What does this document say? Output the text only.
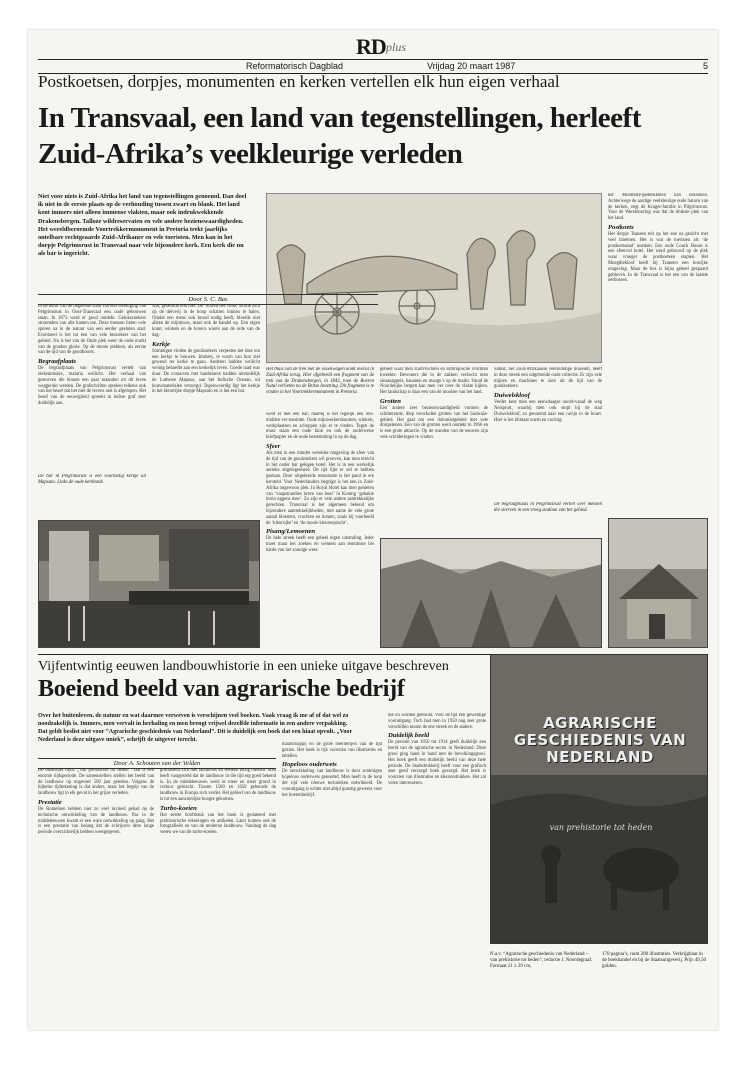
RD plus
Reformatorisch Dagblad	Vrijdag 20 maart 1987	5
Postkoetsen, dorpjes, monumenten en kerken vertellen elk hun eigen verhaal
In Transvaal, een land van tegenstellingen, herleeft Zuid-Afrika’s veelkleurige verleden
Niet voor niets is Zuid-Afrika het land van tegenstellingen genoemd. Dan doel ik niet in de eerste plaats op de verhouding tussen zwart en blank. Het land kent immers niet alleen immense vlakten, maar ook indrukwekkende Drakensbergen. Talloze wildreservaten en vele andere bezienswaardigheden. Het wereldberoemde Voortrekkermonument in Pretoria trekt jaarlijks ontelbare rechtgeaarde Zuid-Afrikaner en vele toeristen. Men kan in het dorpje Pelgrimsrust in Transvaal naar vele bijzondere kerk. Een kerk die nu als bar is ingericht.
Door S. C. Bas
In de buurt van de begeleide staat van een vereniging van Pelgrimsrust in Oost-Transvaal een oude gebouwen staan. In 1873 werd er goud ontdekt. Gelukszoekers stroomden van alle kanten toe. Deze mensen lieten vele sporen na in de natuur van een eerder gesloten stad. Eventueel is het tot een van vele bezoekers van het gebied. Nu is het van de Oude plek weer de oude markt van de gouden glorie. Op de mooie plekken, als eerste van de tijd van de goudkoorts.
Begraafplaats
De begraafplaats van Pelgrimsrust vertelt van ziekenmisère, malaria wellicht. Het verhaal van gestorven die binnen een paar maanden uit dit leven weggerukt werden. De grafschriften spreken telkens ook van het besef dat het met de levens niet is afgelopen. Het besef van de eeuwigheid spreekt in iedere graf zeer duidelijk aan.
De bar in Pelgrimsrust is een voormalig kerkje uit Mapsuto. Links de oude kerkbank.
was, gebeurde ook hier. De ‘hoffen des volks’ stortte zich op de delverij in de hoop schatten binnen te halen. Omdat een mens ook brood nodig heeft, bloeide niet alleen de mijnbouw, maar ook de handel op. Een eigen krant, winkels en de horeca waren aan de orde van de dag.
Kerkje
Sommigen vinden de goudzoekers verpesten het idee om een kerkje te bouwen. Immers, te warm van hun ziel gewend ter kerke te gaan. Anderen hadden wellicht weinig behoefte aan een kerkelijk leven. Goede raad was duur. De contacten met handelaren hadden uiteindelijk de Lutherse Mapuso, aan het Indische Oceaan, uit bouwmaterialen verzorgd. Tegenwoordig ligt het kerkje in het kleurrijke dorpje Mapsuto en is het een bar.
Het thuis van de trek met de ossenwagen komt overal in Zuid-Afrika terug. Hier afgebeeld een fragment van de trek van de Drakensbergen, in 1843, toen de Boeren Natal verlieten na de Britse bezetting. Dit fragment is te vinden in het Voortrekkermonument in Pretoria.
werd er met een bar; daarbij is het regelijk een reis-midden ver tenslotte. Oude mijnwerkersbuurten, winkels, werkplaatsen en schoppen zijn er te vinden. Tegen de muur staan een oude klok en ook de ouderwetse briefpapier en de oude bestemming in op de dag.
Sfeer
Als men in een minder wereldse omgeving de sfeer van de tijd van de goudzoekers wil proeven, kan men terecht in het ouder bar gelegen hotel. Het is in een werkelijk antieke zitgelegenheid. De tijd lijkt er stil te hebben gestaan. Door uitgebreide restauratie is het pand in ere hersteld. Voor Nederlanders begrijpt is het een in Zuid-Afrika ongewoon plek. In Royal Hotel kan men genieten van ‘vaapstrandies breve van boer’ in Koning ‘gebakte bruin eggens mee’. Zo zijn er vele andere aantrekkelijke gerechten. Transvaal is het algemeen bekend om bijzondere aantrekkelijkheden, met name de vele grote aantal bloemen, vruchten en bomen, zoals bij voorbeeld de ‘kleurrijke’ en ‘de mooie kleurenpracht’.
Pisang/Lemoenen
De hele streek heeft een geheel eigen uitstraling. Ieder moet maar het zoeken en wennen aan tenminste het harde van het zonnige weer.
gebied waar men zuidvruchten en subtropische vruchten kweekte. Bewoners die in de zakken verkocht men sinaasappels, bananen en mango’s op de markt. Vanaf de Noordelijke bergen kan men ver over de vlakte kijken. Het landschap is daar een van de mooiste van het land.
Grotten
Een andere zeer bezienswaardigheid vormen de schitterende, diep verscholen grotten van het Sudwala-gebied. Het gaat om een dolomietgebied met vele druipstenen. Een van de grotten werd ontdekt in 1966 en is een grote attractie. Op de wanden van de eeuwen zijn vele schilderingen te vinden.
Satnat, het Zuid-Afrikaanse veerkundige museum, heeft in deze streek een uitgebreide oude collectie. Er zijn vele mijnen en machines te zien uit de tijd van de goudzoekers.
Duiwelskloof
Verder kent men een eeuwdaagse noord-vanaf de weg Nelspruit, waarbij men ook stopt bij de stad Duiwelskloof, zo genoemd naar een ravijn in de buurt. Hier is het klimaat warm en vochtig.
De begraafplaats in Pelgrimsrust vertelt over mensen die stierven in een vroeg stadium van het gebied.
het Montfelfe-gedenkteken kan bezoeken. Achterwege de aardige veelkleurige oude huizen van de kerken, zegt de Kruger-familie in Pilgrimsrust. Voor de Wereldoorlog was dat de drukste plek van het land.
Postkoets
Het dorpje Tsaneen telt op het ene na gezicht met veel bloemen. Het is wat de toeristen als ‘de postkoetsstad’ noemen. Een oude Coach House is een sfeervol hotel. Het werd gebouwd op de plek waar vroeger de postkoetsen stopten. Het Moegdiekloof heeft bij Tzaneen een bosrijke omgeving. Maar de bos is bijna geheel gespaard gebleven. In de Transvaal is het een van de laatste oerbossen.
Vijfentwintig eeuwen landbouwhistorie in een unieke uitgave beschreven
Boeiend beeld van agrarische bedrijf
Over het buitenleven, de natuur en wat daarmee verweven is verschijnen veel boeken. Vaak vraag ik me af of dat wel zo noodzakelijk is. Immers, men vervalt in herhaling en men brengt vrijwel dezelfde informatie in een andere verpakking. Dat geldt beslist niet voor “Agrarische geschiedenis van Nederland”. Dit is duidelijk een boek dat een hiaat opvult. „Voor Nederland is deze uitgave uniek”, schrijft de uitgever terecht.
Door A. Schouten van der Velden
De ondertitel luidt: „Van prehistorie tot heden”. Dat is een enorme tijdsperiode. De samenstellers stellen het beeld van de landbouw op ongeveer 500 jaar geleden. Volgens de bijbelse tijdrekening is dat anders, maar het begrip van de landbouw ligt in elk geval in het grijze verleden.
Prestatie
De Romeinen hebben niet zo veel invloed gehad op de technische ontwikkeling van de landbouw. Pas in de middeleeuwen kwam er een ware ontwikkeling op gang. Het is een prestatie van belang dat de schrijvers deze lange periode overzichtelijk hebben weergegeven.
grondsoort zich met landbouw en veeteelt bezig hielden. Men heeft vastgesteld dat de landbouw in die tijd erg goed bekend is. In de middeleeuwen werd er meer en meer grond in cultuur gebracht. Tussen 1500 en 1650 gebeurde de landbouw in Europa zich verder. Het gebied van de landbouw is tot een aanzienlijke hoogte gekomen.
Turbo-koeien
Het eerste hoofdstuk van het boek is gedateerd met prehistorische tekeningen en artikelen. Later komen ook de fotografieën en van de moderne landbouw. Vandaag de dag weten we van de turbo-koeien.
maatschappij en de grote boerderijen van de tijd gezien. Het boek is rijk voorzien van illustraties en tabellen.
Hopeloos ouderwets
De ontwikkeling van landbouw is door sommigen hopeloos ouderwets genoemd. Men heeft in de loop der tijd vele nieuwe technieken ontwikkeld. De vooruitgang is echter niet altijd gunstig geweest voor het boerenbedrijf.
die nu worden gebruikt. Voor de tijd een geweldige vooruitgang. Toch had men in 1950 nog zeer grote verschillen tussen de ene streek en de andere.
Duidelijk beeld
De periode van 1850 tot 1914 geeft duidelijk een beeld van de agrarische sector in Nederland. Deze groei ging hand in hand met de bevolkingsgroei. Het boek geeft een duidelijk beeld van deze hele periode. De Stadsdrukkerij heeft voor een grafisch zeer goed verzorgd boek gezorgd. Het boek is voorzien van illustraties en kleurendrukken. Het zal velen interesseren.
AGRARISCHE GESCHIEDENIS VAN NEDERLAND
van prehistorie tot heden
N.a.v. “Agrarische geschiedenis van Nederland – van prehistorie tot heden”, redactie J. Noordegraaf. Formaat 21 x 29 cm,
170 pagina’s, ruim 200 illustraties. Verkrijgbaar in de boekhandel en bij de Staatsuitgeverij. Prijs 49,50 gulden.
